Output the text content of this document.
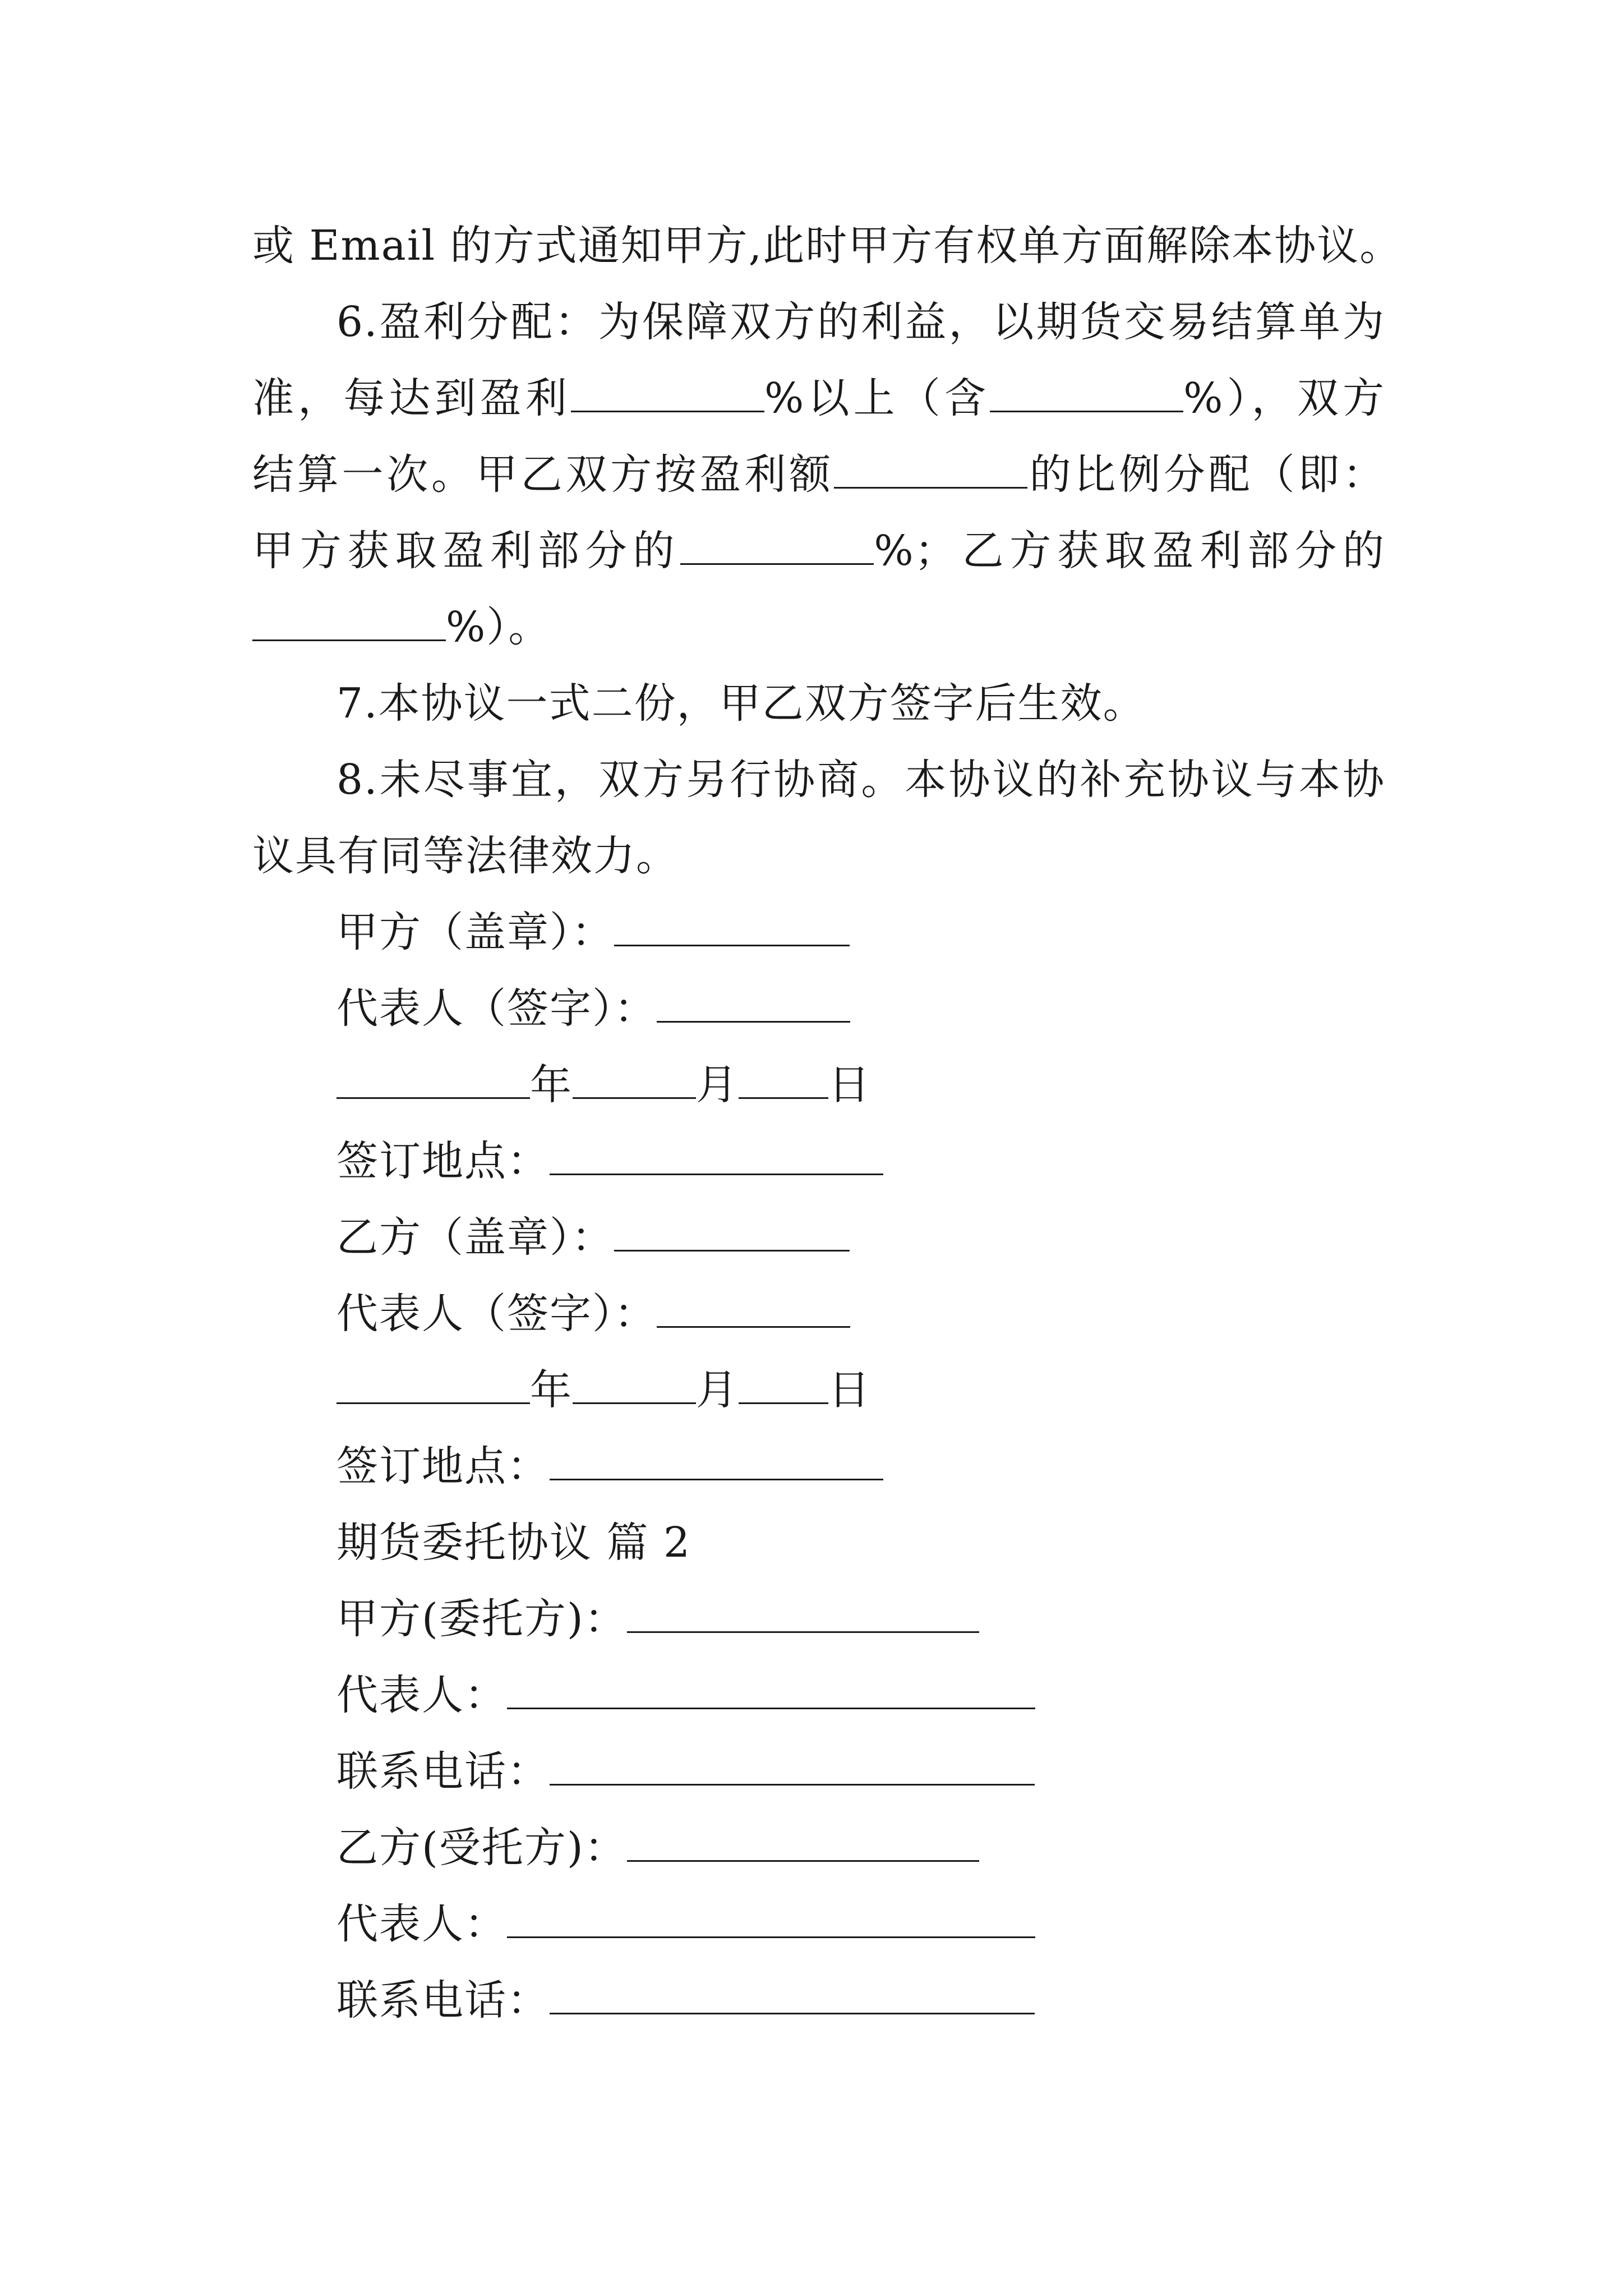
或 Email 的方式通知甲方,此时甲方有权单方面解除本协议。
6.盈利分配：为保障双方的利益，以期货交易结算单为
准，每达到盈利	%以上（含	%），双方
结算一次。甲乙双方按盈利额	的比例分配（即：
甲方获取盈利部分的	%；乙方获取盈利部分的
%）。
7.本协议一式二份，甲乙双方签字后生效。
8.未尽事宜，双方另行协商。本协议的补充协议与本协
议具有同等法律效力。
甲方（盖章）：
代表人（签字）：
年	月 日
签订地点：
乙方（盖章）：
代表人（签字）：
年	月 日
签订地点：
期货委托协议 篇 2
甲方(委托方)：
代表人：
联系电话：
乙方(受托方)：
代表人：
联系电话：
